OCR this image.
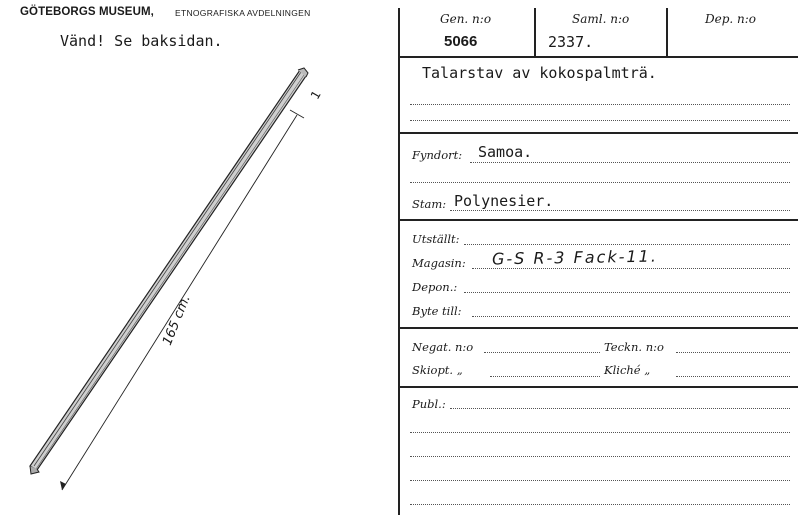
GÖTEBORGS MUSEUM, ETNOGRAFISKA AVDELNINGEN
Vänd! Se baksidan.
1
165 cm.
Gen. n:o
5066
Saml. n:o
2337.
Dep. n:o
Talarstav av kokospalmträ.
Fyndort: Samoa.
Stam: Polynesier.
Utställt:
Magasin: G-S R-3 Fack-11.
Depon.:
Byte till:
Negat. n:o	Teckn. n:o
Skiopt. „	Kliché „
Publ.:
